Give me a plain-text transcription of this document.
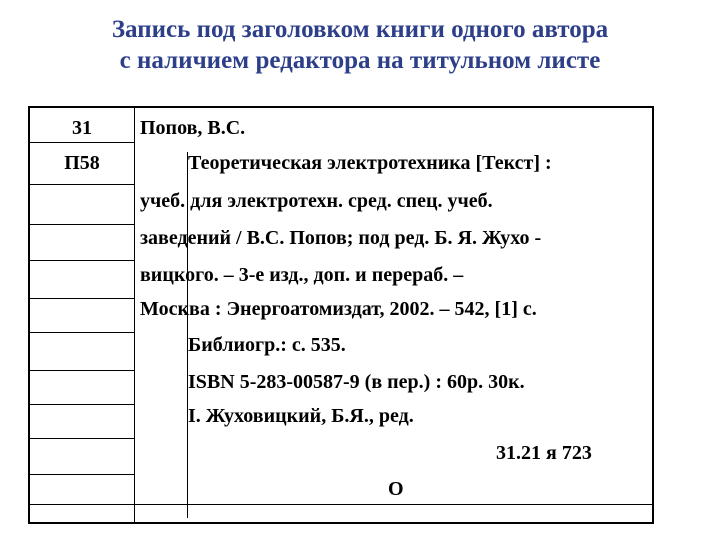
Запись под заголовком книги одного автора
с наличием редактора на титульном листе
31
П58
Попов, В.С.
Теоретическая электротехника [Текст] :
учеб. для электротехн. сред. спец. учеб.
заведений / В.С. Попов; под ред. Б. Я. Жухо -
вицкого. – 3-е изд., доп. и перераб. –
Москва : Энергоатомиздат, 2002. – 542, [1] с.
Библиогр.: с. 535.
ISBN 5-283-00587-9 (в пер.) : 60р. 30к.
I. Жуховицкий, Б.Я., ред.
31.21 я 723
О
